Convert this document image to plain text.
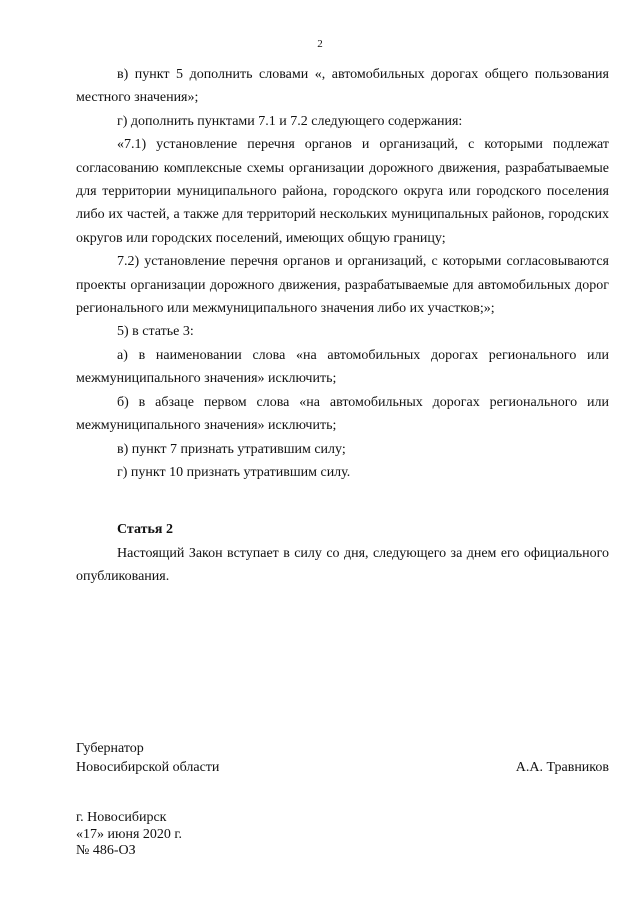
2

в) пункт 5 дополнить словами «, автомобильных дорогах общего пользования местного значения»;

г) дополнить пунктами 7.1 и 7.2 следующего содержания:

«7.1) установление перечня органов и организаций, с которыми подлежат согласованию комплексные схемы организации дорожного движения, разрабатываемые для территории муниципального района, городского округа или городского поселения либо их частей, а также для территорий нескольких муниципальных районов, городских округов или городских поселений, имеющих общую границу;

7.2) установление перечня органов и организаций, с которыми согласовываются проекты организации дорожного движения, разрабатываемые для автомобильных дорог регионального или межмуниципального значения либо их участков;»;

5) в статье 3:

а) в наименовании слова «на автомобильных дорогах регионального или межмуниципального значения» исключить;

б) в абзаце первом слова «на автомобильных дорогах регионального или межмуниципального значения» исключить;

в) пункт 7 признать утратившим силу;

г) пункт 10 признать утратившим силу.

Статья 2

Настоящий Закон вступает в силу со дня, следующего за днем его официального опубликования.

Губернатор
Новосибирской области	А.А. Травников
г. Новосибирск
«17» июня 2020 г.
№ 486-ОЗ
